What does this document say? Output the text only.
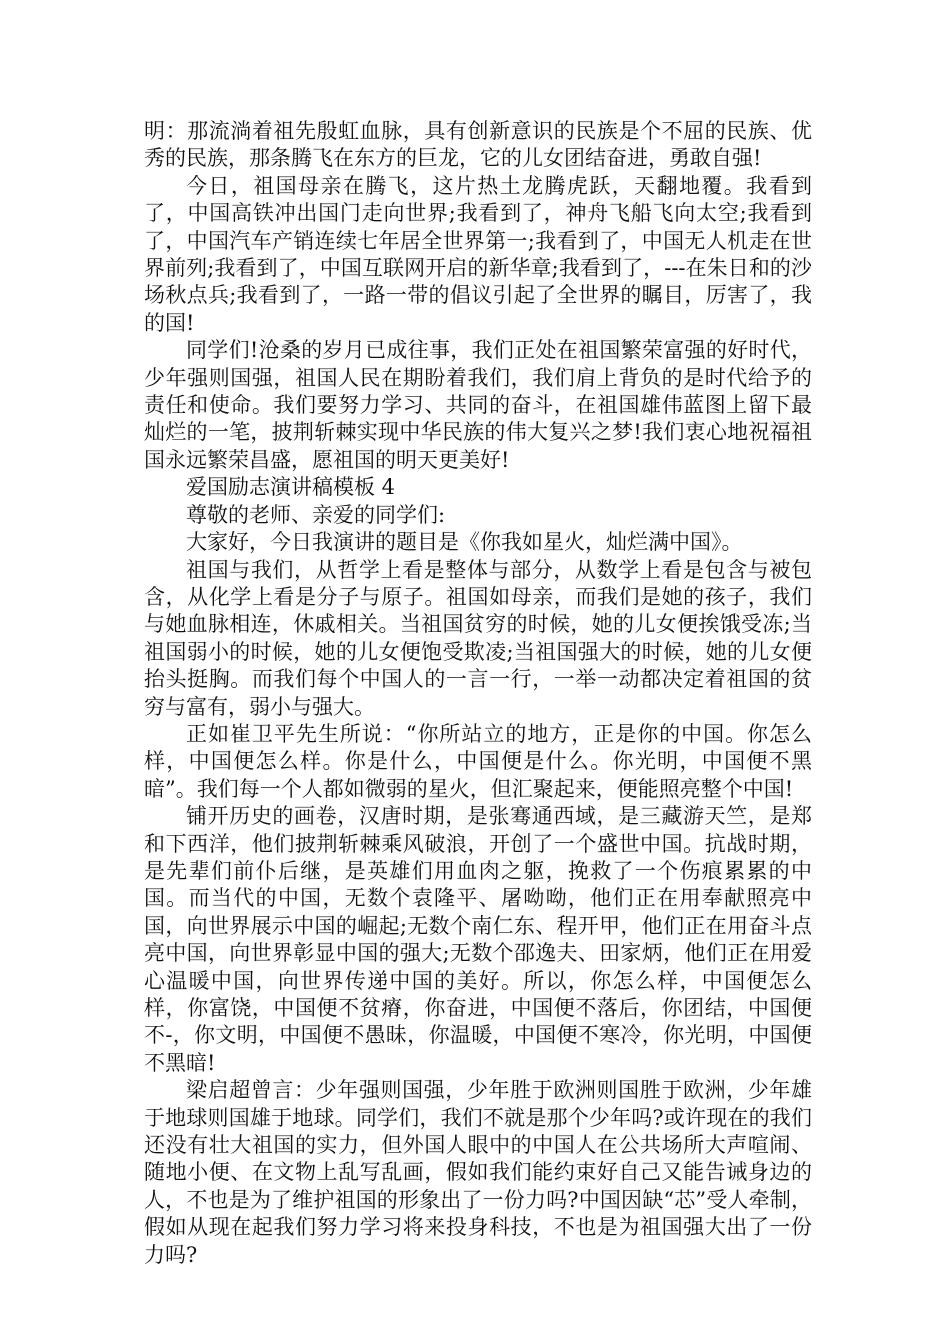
明：那流淌着祖先殷虹血脉，具有创新意识的民族是个不屈的民族、优秀的民族，那条腾飞在东方的巨龙，它的儿女团结奋进，勇敢自强!

今日，祖国母亲在腾飞，这片热土龙腾虎跃，天翻地覆。我看到了，中国高铁冲出国门走向世界;我看到了，神舟飞船飞向太空;我看到了，中国汽车产销连续七年居全世界第一;我看到了，中国无人机走在世界前列;我看到了，中国互联网开启的新华章;我看到了，---在朱日和的沙场秋点兵;我看到了，一路一带的倡议引起了全世界的瞩目，厉害了，我的国!

同学们!沧桑的岁月已成往事，我们正处在祖国繁荣富强的好时代，少年强则国强，祖国人民在期盼着我们，我们肩上背负的是时代给予的责任和使命。我们要努力学习、共同的奋斗，在祖国雄伟蓝图上留下最灿烂的一笔，披荆斩棘实现中华民族的伟大复兴之梦!我们衷心地祝福祖国永远繁荣昌盛，愿祖国的明天更美好!

爱国励志演讲稿模板 4

尊敬的老师、亲爱的同学们:

大家好，今日我演讲的题目是《你我如星火，灿烂满中国》。

祖国与我们，从哲学上看是整体与部分，从数学上看是包含与被包含，从化学上看是分子与原子。祖国如母亲，而我们是她的孩子，我们与她血脉相连，休戚相关。当祖国贫穷的时候，她的儿女便挨饿受冻;当祖国弱小的时候，她的儿女便饱受欺凌;当祖国强大的时候，她的儿女便抬头挺胸。而我们每个中国人的一言一行，一举一动都决定着祖国的贫穷与富有，弱小与强大。

正如崔卫平先生所说：“你所站立的地方，正是你的中国。你怎么样，中国便怎么样。你是什么，中国便是什么。你光明，中国便不黑暗”。我们每一个人都如微弱的星火，但汇聚起来，便能照亮整个中国!

铺开历史的画卷，汉唐时期，是张骞通西域，是三藏游天竺，是郑和下西洋，他们披荆斩棘乘风破浪，开创了一个盛世中国。抗战时期，是先辈们前仆后继，是英雄们用血肉之躯，挽救了一个伤痕累累的中国。而当代的中国，无数个袁隆平、屠呦呦，他们正在用奉献照亮中国，向世界展示中国的崛起;无数个南仁东、程开甲，他们正在用奋斗点亮中国，向世界彰显中国的强大;无数个邵逸夫、田家炳，他们正在用爱心温暖中国，向世界传递中国的美好。所以，你怎么样，中国便怎么样，你富饶，中国便不贫瘠，你奋进，中国便不落后，你团结，中国便不-，你文明，中国便不愚昧，你温暖，中国便不寒冷，你光明，中国便不黑暗!

梁启超曾言：少年强则国强，少年胜于欧洲则国胜于欧洲，少年雄于地球则国雄于地球。同学们，我们不就是那个少年吗?或许现在的我们还没有壮大祖国的实力，但外国人眼中的中国人在公共场所大声喧闹、随地小便、在文物上乱写乱画，假如我们能约束好自己又能告诫身边的人，不也是为了维护祖国的形象出了一份力吗?中国因缺“芯”受人牵制，假如从现在起我们努力学习将来投身科技，不也是为祖国强大出了一份力吗?
